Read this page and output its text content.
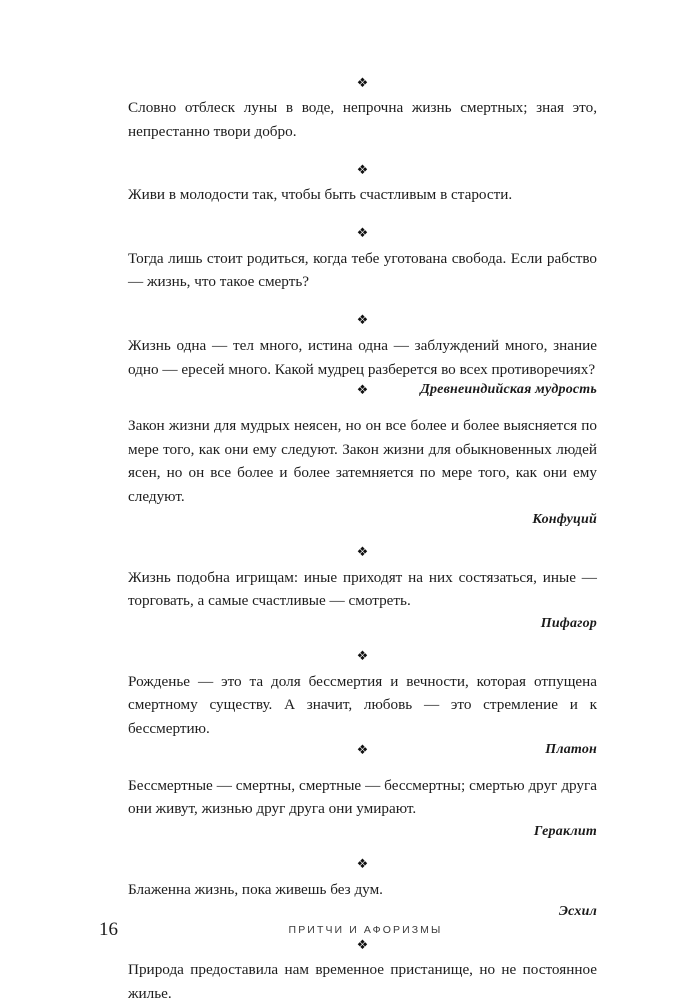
❖

Словно отблеск луны в воде, непрочна жизнь смертных; зная это, непрестанно твори добро.

❖

Живи в молодости так, чтобы быть счастливым в старости.

❖

Тогда лишь стоит родиться, когда тебе уготована свобода. Если рабство — жизнь, что такое смерть?

❖

Жизнь одна — тел много, истина одна — заблуждений много, знание одно — ересей много. Какой мудрец разберется во всех противоречиях?

❖	Древнеиндийская мудрость

Закон жизни для мудрых неясен, но он все более и более выясняется по мере того, как они ему следуют. Закон жизни для обыкновенных людей ясен, но он все более и более затемняется по мере того, как они ему следуют.

Конфуций
❖

Жизнь подобна игрищам: иные приходят на них состязаться, иные — торговать, а самые счастливые — смотреть.

Пифагор
❖

Рожденье — это та доля бессмертия и вечности, которая отпущена смертному существу. А значит, любовь — это стремление и к бессмертию.

❖	Платон

Бессмертные — смертны, смертные — бессмертны; смертью друг друга они живут, жизнью друг друга они умирают.

Гераклит
❖

Блаженна жизнь, пока живешь без дум.

Эсхил
❖

Природа предоставила нам временное пристанище, но не постоянное жилье.

16	ПРИТЧИ И АФОРИЗМЫ
